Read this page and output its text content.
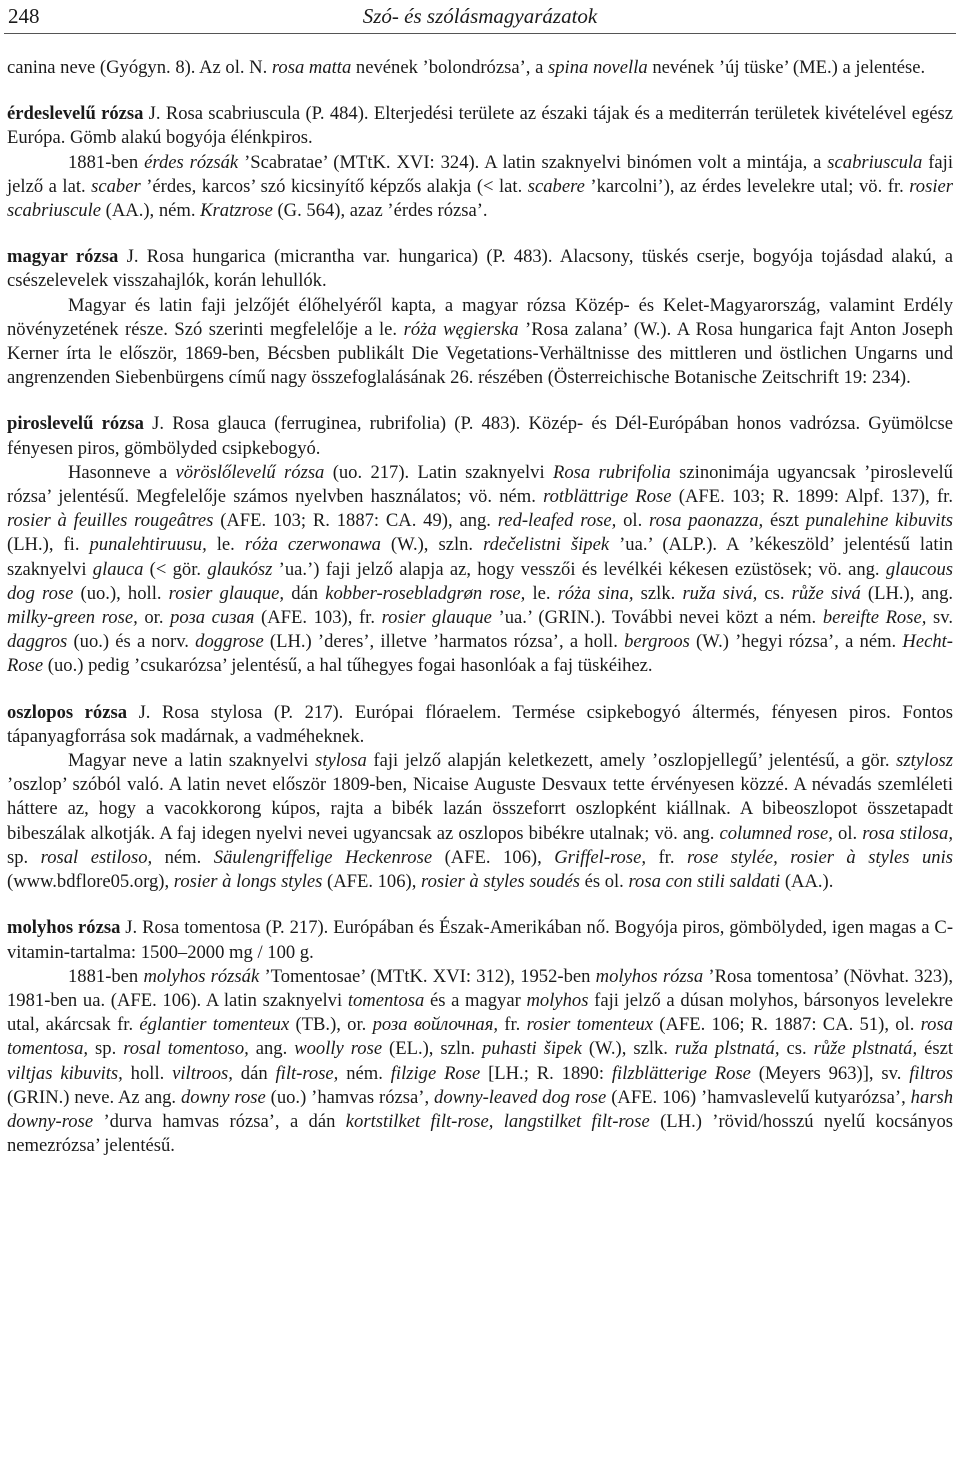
248	Szó- és szólásmagyarázatok

canina neve (Gyógyn. 8). Az ol. N. rosa matta nevének ’bolondrózsa’, a spina novella nevének ’új tüske’ (ME.) a jelentése.

érdeslevelű rózsa J. Rosa scabriuscula (P. 484). Elterjedési területe az északi tájak és a mediterrán területek kivételével egész Európa. Gömb alakú bogyója élénkpiros.

1881-ben érdes rózsák ’Scabratae’ (MTtK. XVI: 324). A latin szaknyelvi binómen volt a mintája, a scabriuscula faji jelző a lat. scaber ’érdes, karcos’ szó kicsinyítő képzős alakja (< lat. scabere ’karcolni’), az érdes levelekre utal; vö. fr. rosier scabriuscule (AA.), ném. Kratzrose (G. 564), azaz ’érdes rózsa’.

magyar rózsa J. Rosa hungarica (micrantha var. hungarica) (P. 483). Alacsony, tüskés cserje, bogyója tojásdad alakú, a csészelevelek visszahajlók, korán lehullók.

Magyar és latin faji jelzőjét élőhelyéről kapta, a magyar rózsa Közép- és Kelet-Magyarország, valamint Erdély növényzetének része. Szó szerinti megfelelője a le. róża węgierska ’Rosa zalana’ (W.). A Rosa hungarica fajt Anton Joseph Kerner írta le először, 1869-ben, Bécsben publikált Die Vegetations-Verhältnisse des mittleren und östlichen Ungarns und angrenzenden Siebenbürgens című nagy összefoglalásának 26. részében (Österreichische Botanische Zeitschrift 19: 234).

piroslevelű rózsa J. Rosa glauca (ferruginea, rubrifolia) (P. 483). Közép- és Dél-Európában honos vadrózsa. Gyümölcse fényesen piros, gömbölyded csipkebogyó.

Hasonneve a vöröslőlevelű rózsa (uo. 217). Latin szaknyelvi Rosa rubrifolia szinonimája ugyancsak ’piroslevelű rózsa’ jelentésű. Megfelelője számos nyelvben használatos; vö. ném. rotblättrige Rose (AFE. 103; R. 1899: Alpf. 137), fr. rosier à feuilles rougeâtres (AFE. 103; R. 1887: CA. 49), ang. red-leafed rose, ol. rosa paonazza, észt punalehine kibuvits (LH.), fi. punalehtiruusu, le. róża czerwonawa (W.), szln. rdečelistni šipek ’ua.’ (ALP.). A ’kékeszöld’ jelentésű latin szaknyelvi glauca (< gör. glaukósz ’ua.’) faji jelző alapja az, hogy vesszői és levélkéi kékesen ezüstösek; vö. ang. glaucous dog rose (uo.), holl. rosier glauque, dán kobber-rosebladgrøn rose, le. róża sina, szlk. ruža sivá, cs. růže sivá (LH.), ang. milky-green rose, or. роза сизая (AFE. 103), fr. rosier glauque ’ua.’ (GRIN.). További nevei közt a ném. bereifte Rose, sv. daggros (uo.) és a norv. doggrose (LH.) ’deres’, illetve ’harmatos rózsa’, a holl. bergroos (W.) ’hegyi rózsa’, a ném. Hecht-Rose (uo.) pedig ’csukarózsa’ jelentésű, a hal tűhegyes fogai hasonlóak a faj tüskéihez.

oszlopos rózsa J. Rosa stylosa (P. 217). Európai flóraelem. Termése csipkebogyó áltermés, fényesen piros. Fontos tápanyagforrása sok madárnak, a vadméheknek.

Magyar neve a latin szaknyelvi stylosa faji jelző alapján keletkezett, amely ’oszlopjellegű’ jelentésű, a gör. sztylosz ’oszlop’ szóból való. A latin nevet először 1809-ben, Nicaise Auguste Desvaux tette érvényesen közzé. A névadás szemléleti háttere az, hogy a vacokkorong kúpos, rajta a bibék lazán összeforrt oszlopként kiállnak. A bibeoszlopot összetapadt bibeszálak alkotják. A faj idegen nyelvi nevei ugyancsak az oszlopos bibékre utalnak; vö. ang. columned rose, ol. rosa stilosa, sp. rosal estiloso, ném. Säulengriffelige Heckenrose (AFE. 106), Griffel-rose, fr. rose stylée, rosier à styles unis (www.bdflore05.org), rosier à longs styles (AFE. 106), rosier à styles soudés és ol. rosa con stili saldati (AA.).

molyhos rózsa J. Rosa tomentosa (P. 217). Európában és Észak-Amerikában nő. Bogyója piros, gömbölyded, igen magas a C-vitamin-tartalma: 1500–2000 mg / 100 g.

1881-ben molyhos rózsák ’Tomentosae’ (MTtK. XVI: 312), 1952-ben molyhos rózsa ’Rosa tomentosa’ (Növhat. 323), 1981-ben ua. (AFE. 106). A latin szaknyelvi tomentosa és a magyar molyhos faji jelző a dúsan molyhos, bársonyos levelekre utal, akárcsak fr. églantier tomenteux (TB.), or. роза войлочная, fr. rosier tomenteux (AFE. 106; R. 1887: CA. 51), ol. rosa tomentosa, sp. rosal tomentoso, ang. woolly rose (EL.), szln. puhasti šipek (W.), szlk. ruža plstnatá, cs. růže plstnatá, észt viltjas kibuvits, holl. viltroos, dán filt-rose, ném. filzige Rose [LH.; R. 1890: filzblätterige Rose (Meyers 963)], sv. filtros (GRIN.) neve. Az ang. downy rose (uo.) ’hamvas rózsa’, downy-leaved dog rose (AFE. 106) ’hamvaslevelű kutyarózsa’, harsh downy-rose ’durva hamvas rózsa’, a dán kortstilket filt-rose, langstilket filt-rose (LH.) ’rövid/hosszú nyelű kocsányos nemezrózsa’ jelentésű.
